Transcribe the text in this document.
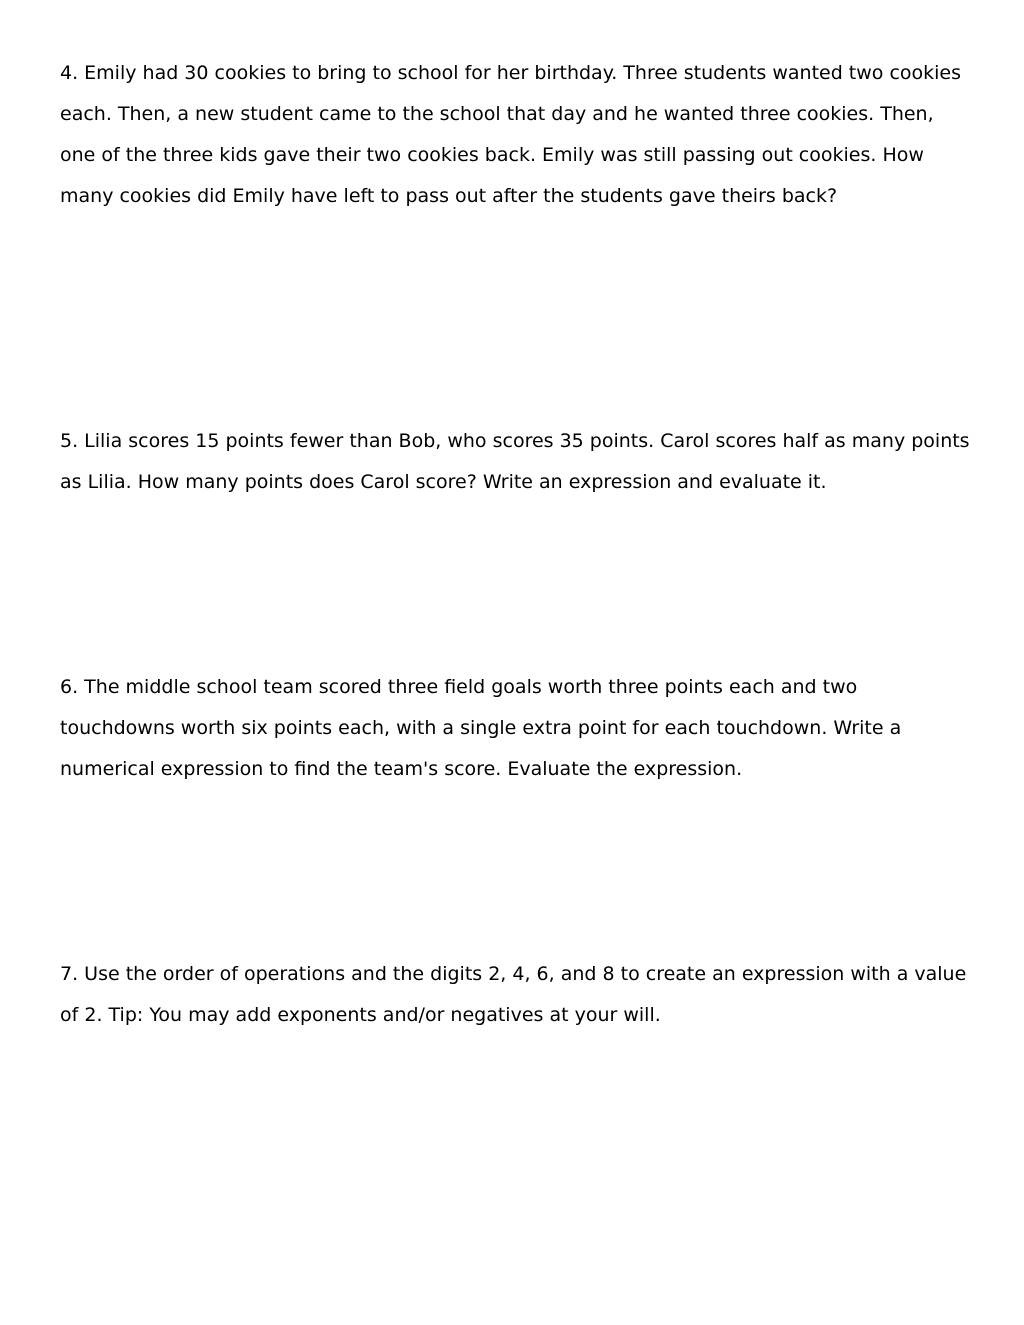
4. Emily had 30 cookies to bring to school for her birthday. Three students wanted two cookies
each. Then, a new student came to the school that day and he wanted three cookies. Then,
one of the three kids gave their two cookies back. Emily was still passing out cookies. How
many cookies did Emily have left to pass out after the students gave theirs back?

5. Lilia scores 15 points fewer than Bob, who scores 35 points. Carol scores half as many points
as Lilia. How many points does Carol score? Write an expression and evaluate it.

6. The middle school team scored three field goals worth three points each and two
touchdowns worth six points each, with a single extra point for each touchdown. Write a
numerical expression to find the team's score. Evaluate the expression.

7. Use the order of operations and the digits 2, 4, 6, and 8 to create an expression with a value
of 2. Tip: You may add exponents and/or negatives at your will.
